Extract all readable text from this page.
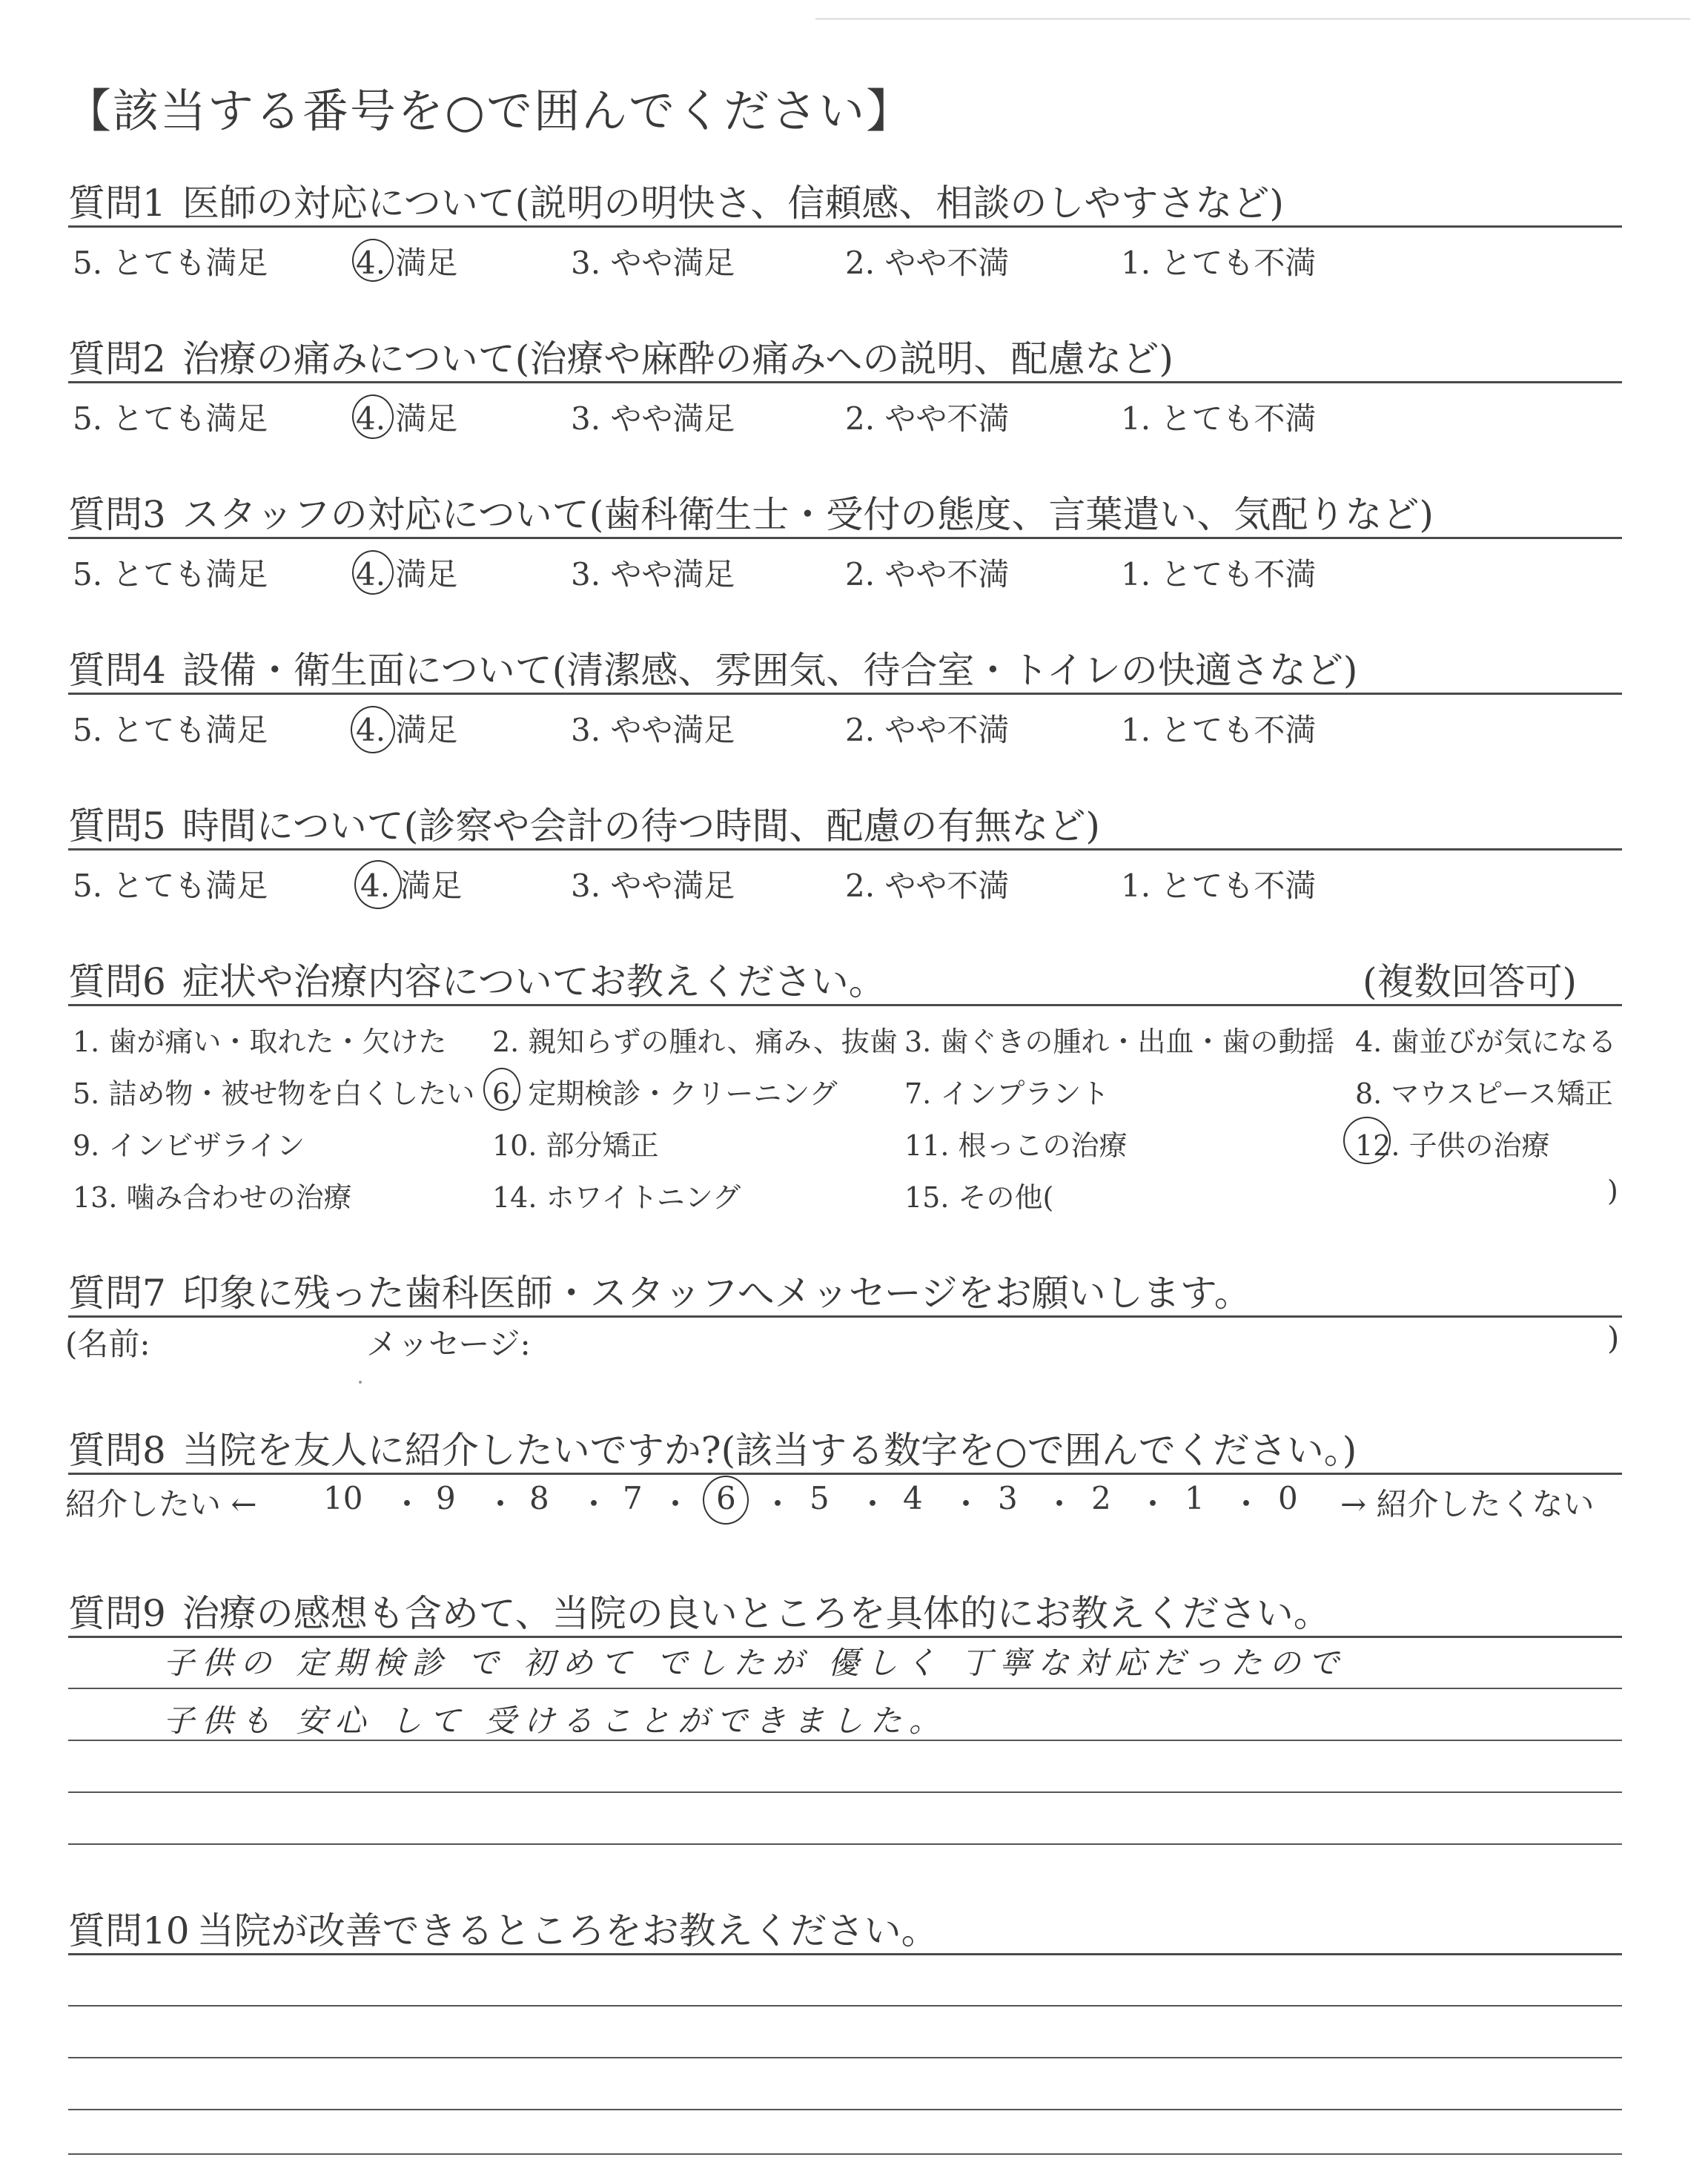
【該当する番号を○で囲んでください】
質問1 医師の対応について(説明の明快さ、信頼感、相談のしやすさなど)
5. とても満足	4. 満足	3. やや満足	2. やや不満	1. とても不満
質問2 治療の痛みについて(治療や麻酔の痛みへの説明、配慮など)
5. とても満足	4. 満足	3. やや満足	2. やや不満	1. とても不満
質問3 スタッフの対応について(歯科衛生士・受付の態度、言葉遣い、気配りなど)
5. とても満足	4. 満足	3. やや満足	2. やや不満	1. とても不満
質問4 設備・衛生面について(清潔感、雰囲気、待合室・トイレの快適さなど)
5. とても満足	4. 満足	3. やや満足	2. やや不満	1. とても不満
質問5 時間について(診察や会計の待つ時間、配慮の有無など)
5. とても満足	4. 満足	3. やや満足	2. やや不満	1. とても不満
質問6 症状や治療内容についてお教えください。	(複数回答可)
1. 歯が痛い・取れた・欠けた 2. 親知らずの腫れ、痛み、抜歯 3. 歯ぐきの腫れ・出血・歯の動揺 4. 歯並びが気になる
5. 詰め物・被せ物を白くしたい 6. 定期検診・クリーニング 7. インプラント	8. マウスピース矯正
9. インビザライン	10. 部分矯正	11. 根っこの治療	12. 子供の治療
13. 噛み合わせの治療	14. ホワイトニング	15. その他(	)
質問7 印象に残った歯科医師・スタッフへメッセージをお願いします。
(名前:	メッセージ:	)
質問8 当院を友人に紹介したいですか?(該当する数字を○で囲んでください。)
紹介したい ←	→ 紹介したくない
10 ・ 9 ・ 8 ・ 7 ・ 6 ・ 5 ・ 4 ・ 3 ・ 2 ・ 1 ・ 0
質問9 治療の感想も含めて、当院の良いところを具体的にお教えください。
子供の 定期検診 で 初めて でしたが 優しく 丁寧な対応だったので
子供も 安心 して 受けることができました。
質問10 当院が改善できるところをお教えください。
